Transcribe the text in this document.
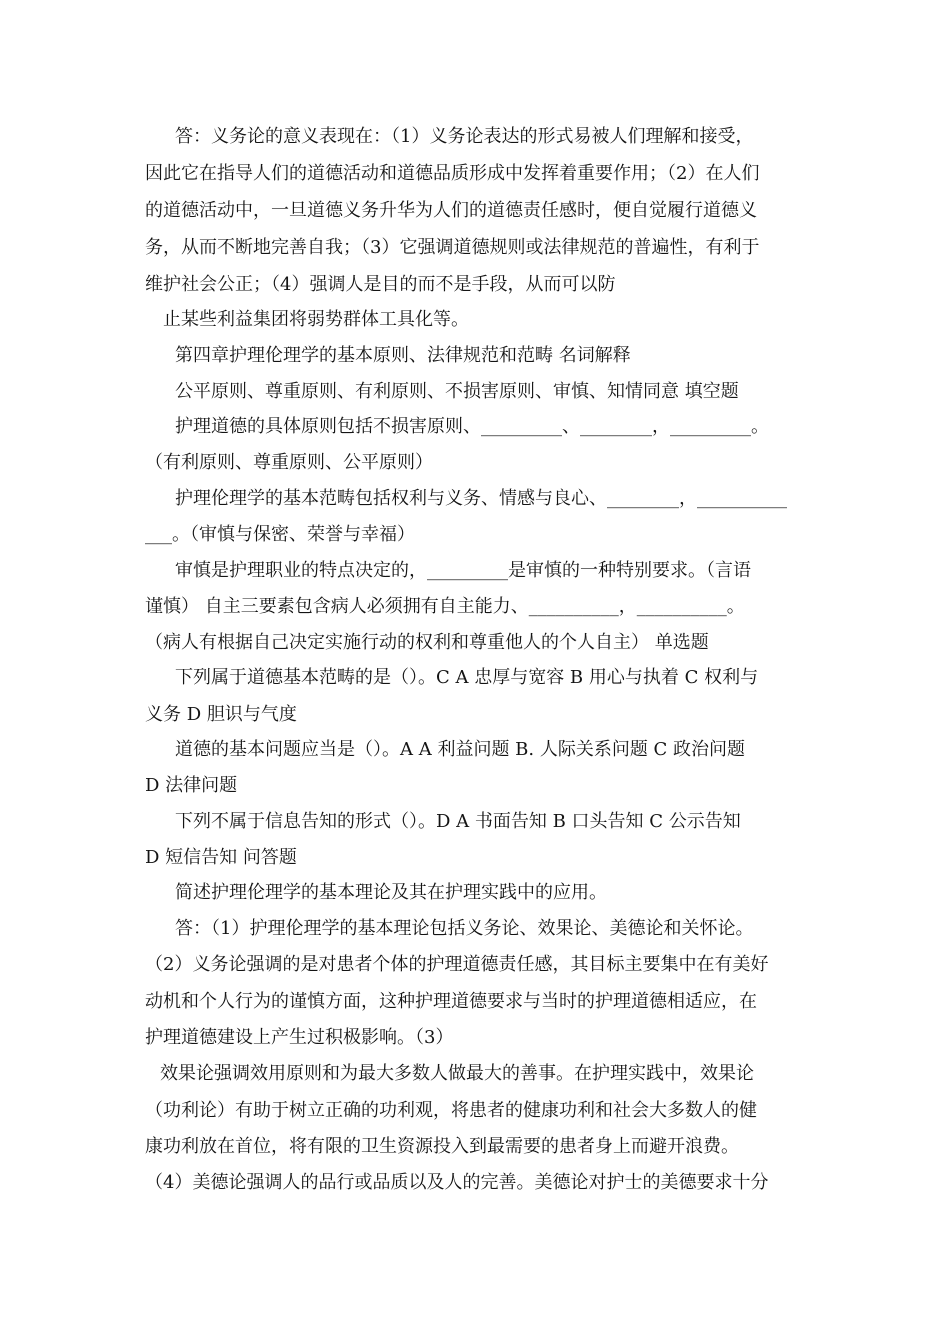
答：义务论的意义表现在：（1）义务论表达的形式易被人们理解和接受，
因此它在指导人们的道德活动和道德品质形成中发挥着重要作用；（2）在人们
的道德活动中，一旦道德义务升华为人们的道德责任感时，便自觉履行道德义
务，从而不断地完善自我；（3）它强调道德规则或法律规范的普遍性，有利于
维护社会公正；（4）强调人是目的而不是手段，从而可以防
止某些利益集团将弱势群体工具化等。
第四章护理伦理学的基本原则、法律规范和范畴 名词解释
公平原则、尊重原则、有利原则、不损害原则、审慎、知情同意 填空题
护理道德的具体原则包括不损害原则、_________、________，_________。
（有利原则、尊重原则、公平原则）
护理伦理学的基本范畴包括权利与义务、情感与良心、________，__________
___。（审慎与保密、荣誉与幸福）
审慎是护理职业的特点决定的，_________是审慎的一种特别要求。（言语
谨慎） 自主三要素包含病人必须拥有自主能力、__________，__________。
（病人有根据自己决定实施行动的权利和尊重他人的个人自主） 单选题
下列属于道德基本范畴的是（）。C A 忠厚与宽容 B 用心与执着 C 权利与
义务 D 胆识与气度
道德的基本问题应当是（）。A A 利益问题 B. 人际关系问题 C 政治问题
D 法律问题
下列不属于信息告知的形式（）。D A 书面告知 B 口头告知 C 公示告知
D 短信告知 问答题
简述护理伦理学的基本理论及其在护理实践中的应用。
答：（1）护理伦理学的基本理论包括义务论、效果论、美德论和关怀论。
（2）义务论强调的是对患者个体的护理道德责任感，其目标主要集中在有美好
动机和个人行为的谨慎方面，这种护理道德要求与当时的护理道德相适应，在
护理道德建设上产生过积极影响。（3）
效果论强调效用原则和为最大多数人做最大的善事。在护理实践中，效果论
（功利论）有助于树立正确的功利观，将患者的健康功利和社会大多数人的健
康功利放在首位，将有限的卫生资源投入到最需要的患者身上而避开浪费。
（4）美德论强调人的品行或品质以及人的完善。美德论对护士的美德要求十分
